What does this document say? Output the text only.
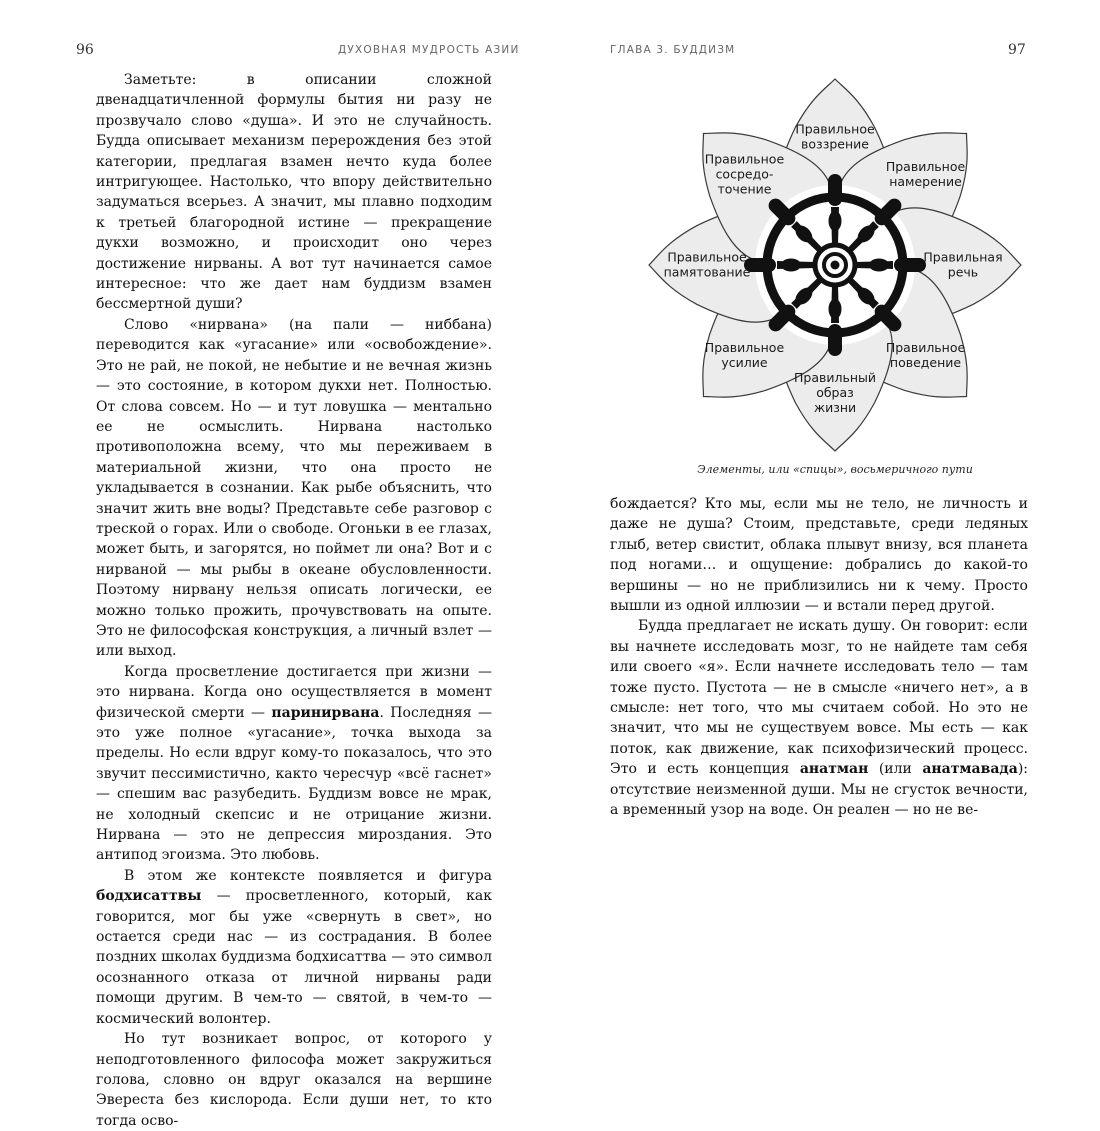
96	ДУХОВНАЯ МУДРОСТЬ АЗИИ

Заметьте: в описании сложной двенадцатичленной формулы бытия ни разу не прозвучало слово «душа». И это не случайность. Будда описывает механизм перерождения без этой категории, предлагая взамен нечто куда более интригующее. Настолько, что впору действительно задуматься всерьез. А значит, мы плавно подходим к третьей благородной истине — прекращение дукхи возможно, и происходит оно через достижение нирваны. А вот тут начинается самое интересное: что же дает нам буддизм взамен бессмертной души?

Слово «нирвана» (на пали — ниббана) переводится как «угасание» или «освобождение». Это не рай, не покой, не небытие и не вечная жизнь — это состояние, в котором дукхи нет. Полностью. От слова совсем. Но — и тут ловушка — ментально ее не осмыслить. Нирвана настолько противоположна всему, что мы переживаем в материальной жизни, что она просто не укладывается в сознании. Как рыбе объяснить, что значит жить вне воды? Представьте себе разговор с треской о горах. Или о свободе. Огоньки в ее глазах, может быть, и загорятся, но поймет ли она? Вот и с нирваной — мы рыбы в океане обусловленности. Поэтому нирвану нельзя описать логически, ее можно только прожить, прочувствовать на опыте. Это не философская конструкция, а личный взлет — или выход.

Когда просветление достигается при жизни — это нирвана. Когда оно осуществляется в момент физической смерти — паринирвана. Последняя — это уже полное «угасание», точка выхода за пределы. Но если вдруг кому-то показалось, что это звучит пессимистично, както чересчур «всё гаснет» — спешим вас разубедить. Буддизм вовсе не мрак, не холодный скепсис и не отрицание жизни. Нирвана — это не депрессия мироздания. Это антипод эгоизма. Это любовь.

В этом же контексте появляется и фигура бодхисаттвы — просветленного, который, как говорится, мог бы уже «свернуть в свет», но остается среди нас — из сострадания. В более поздних школах буддизма бодхисаттва — это символ осознанного отказа от личной нирваны ради помощи другим. В чем-то — святой, в чем-то — космический волонтер.

Но тут возникает вопрос, от которого у неподготовленного философа может закружиться голова, словно он вдруг оказался на вершине Эвереста без кислорода. Если души нет, то кто тогда осво-

ГЛАВА 3. БУДДИЗМ	97
Правильное
воззрение
Правильное
намерение
Правильная
речь
Правильное
поведение
Правильный
образ
жизни
Правильное
усилие
Правильное
памятование
Правильное
сосредо-
точение
Элементы, или «спицы», восьмеричного пути

бождается? Кто мы, если мы не тело, не личность и даже не душа? Стоим, представьте, среди ледяных глыб, ветер свистит, облака плывут внизу, вся планета под ногами… и ощущение: добрались до какой-то вершины — но не приблизились ни к чему. Просто вышли из одной иллюзии — и встали перед другой.

Будда предлагает не искать душу. Он говорит: если вы начнете исследовать мозг, то не найдете там себя или своего «я». Если начнете исследовать тело — там тоже пусто. Пустота — не в смысле «ничего нет», а в смысле: нет того, что мы считаем собой. Но это не значит, что мы не существуем вовсе. Мы есть — как поток, как движение, как психофизический процесс. Это и есть концепция анатман (или анатмавада): отсутствие неизменной души. Мы не сгусток вечности, а временный узор на воде. Он реален — но не ве-
